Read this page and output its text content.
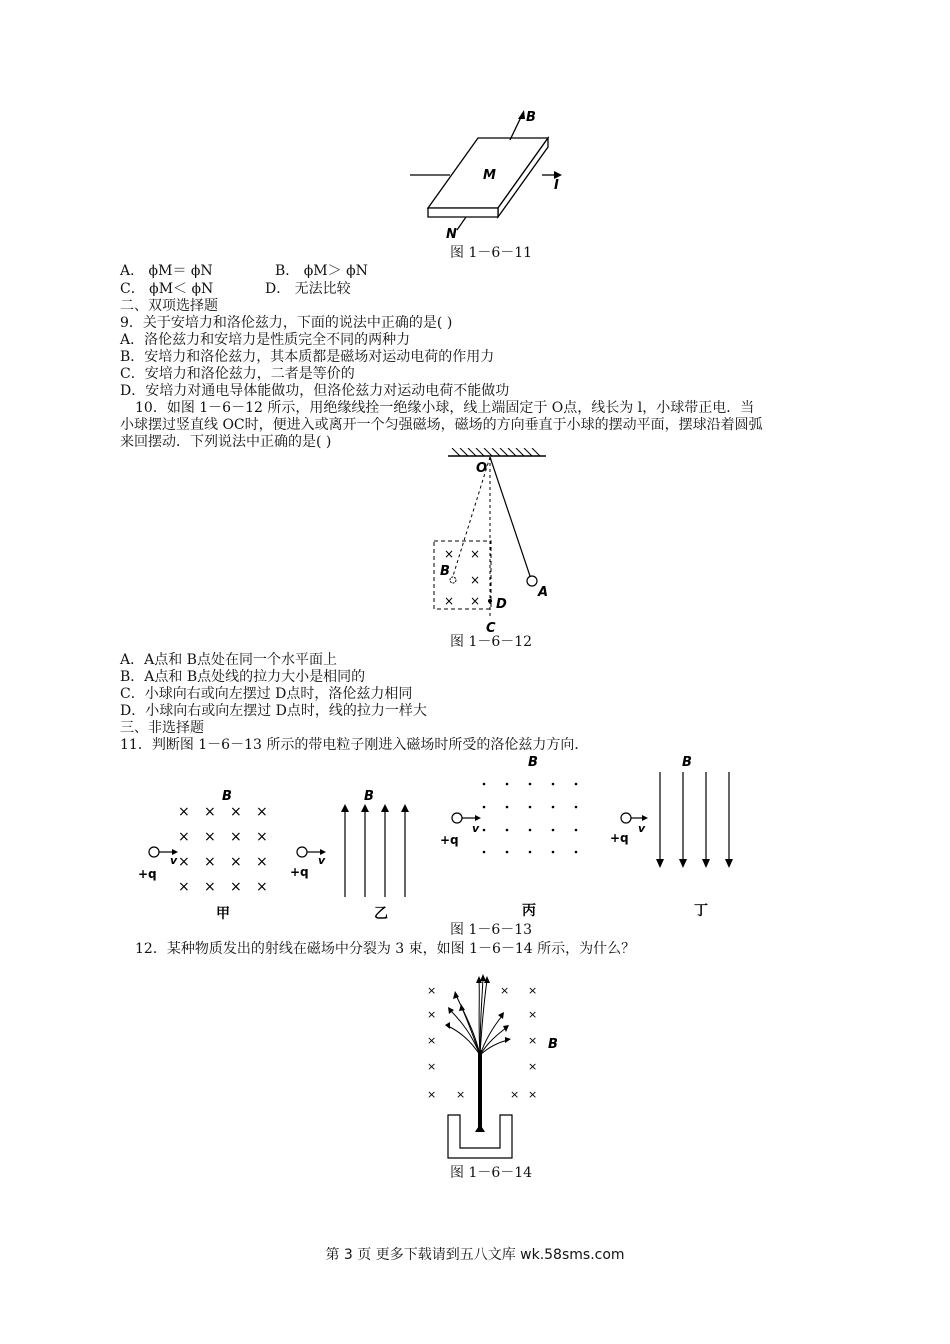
B
M
I
N
图 1－6－11
A． ϕM＝ ϕN	B． ϕM＞ ϕN
C． ϕM＜ ϕN	D． 无法比较
二、双项选择题
9．关于安培力和洛伦兹力，下面的说法中正确的是( )
A．洛伦兹力和安培力是性质完全不同的两种力
B．安培力和洛伦兹力，其本质都是磁场对运动电荷的作用力
C．安培力和洛伦兹力，二者是等价的
D．安培力对通电导体能做功，但洛伦兹力对运动电荷不能做功
10．如图 1－6－12 所示，用绝缘线拴一绝缘小球，线上端固定于 O点，线长为 l，小球带正电．当
小球摆过竖直线 OC时，便进入或离开一个匀强磁场，磁场的方向垂直于小球的摆动平面，摆球沿着圆弧
来回摆动．下列说法中正确的是( )
× ×
×
× ×
O
A
B
D
C
图 1－6－12
A．A点和 B点处在同一个水平面上
B．A点和 B点处线的拉力大小是相同的
C．小球向右或向左摆过 D点时，洛伦兹力相同
D．小球向右或向左摆过 D点时，线的拉力一样大
三、非选择题
11．判断图 1－6－13 所示的带电粒子刚进入磁场时所受的洛伦兹力方向．
B
× × × ×
× × × ×
× × × ×
× × × ×
v
+q
甲
B
v
+q
乙
B
v
+q
丙
B
v
+q
丁
图 1－6－13
12．某种物质发出的射线在磁场中分裂为 3 束，如图 1－6－14 所示，为什么？
×
×
×
×
× ×
× ×
×
×
×
×
×
B
图 1－6－14
第 3 页 更多下载请到五八文库 wk.58sms.com
